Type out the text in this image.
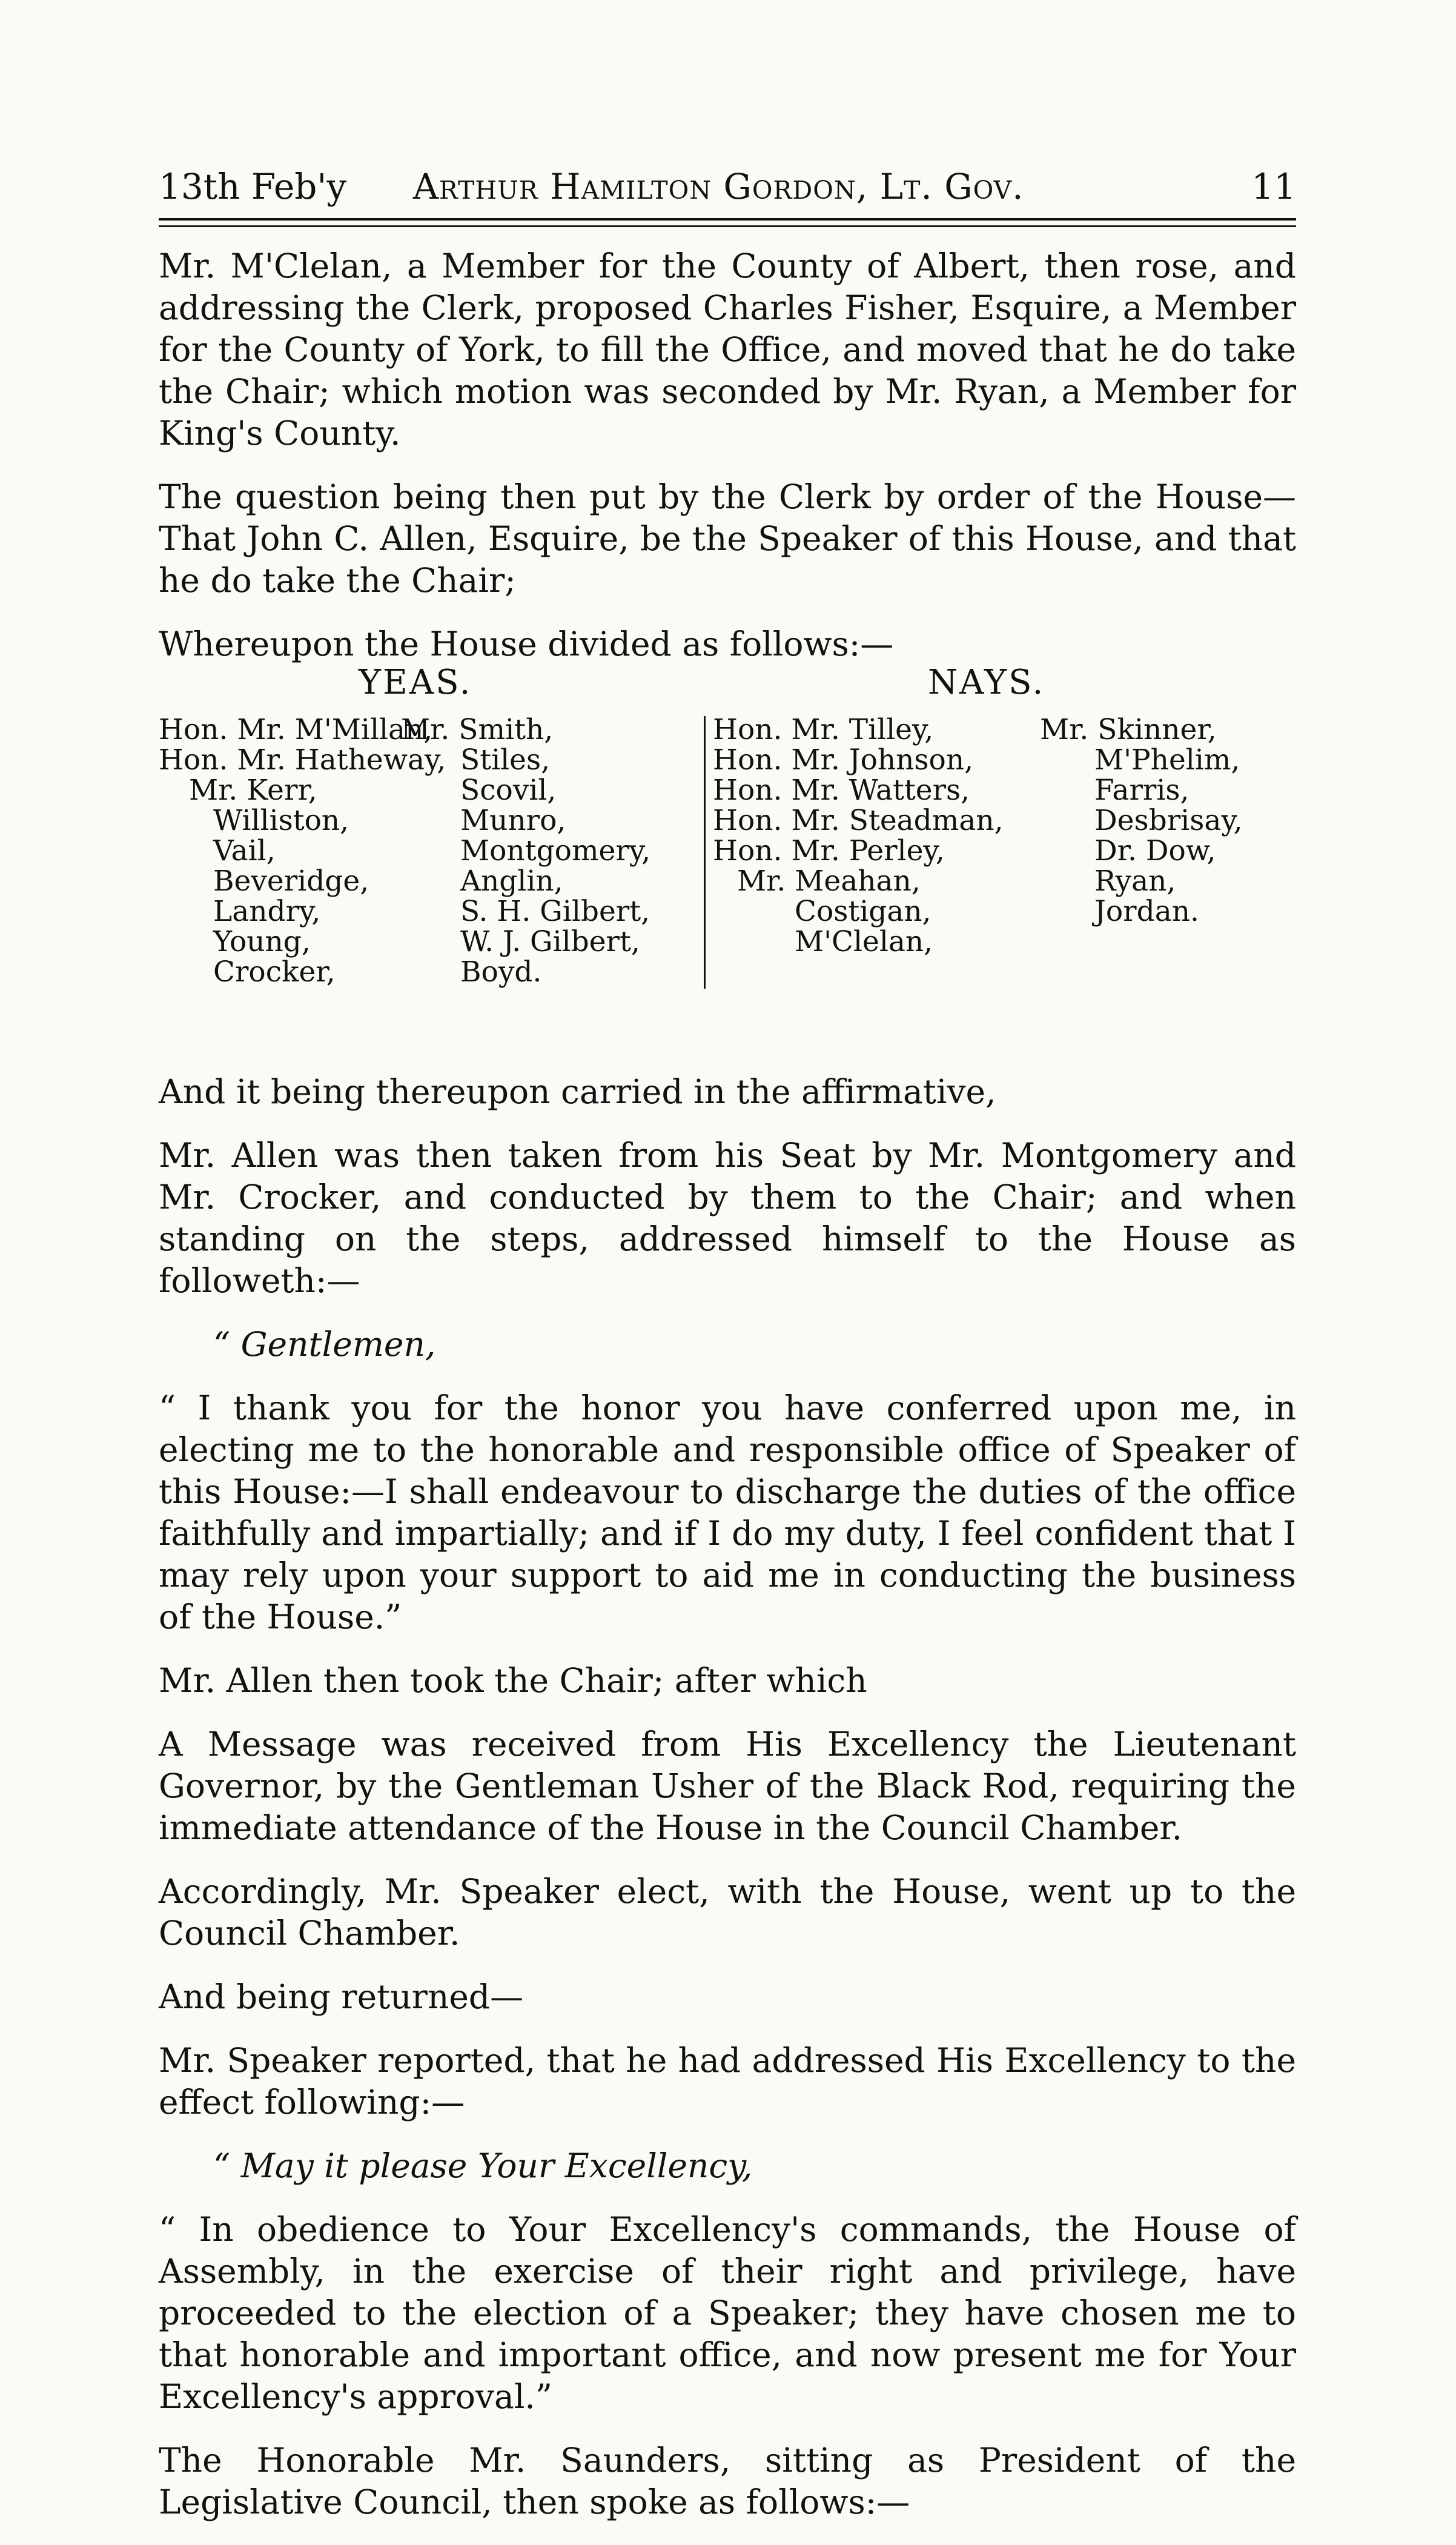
13th Feb'y Arthur Hamilton Gordon, Lt. Gov.	11

Mr. M'Clelan, a Member for the County of Albert, then rose, and addressing the Clerk, proposed Charles Fisher, Esquire, a Member for the County of York, to fill the Office, and moved that he do take the Chair; which motion was seconded by Mr. Ryan, a Member for King's County.

The question being then put by the Clerk by order of the House—That John C. Allen, Esquire, be the Speaker of this House, and that he do take the Chair;

Whereupon the House divided as follows:—

YEAS.	NAYS.
Hon. Mr. M'Millan,
Hon. Mr. Hatheway,
Mr. Kerr,
Williston,
Vail,
Beveridge,
Landry,
Young,
Crocker,
Mr. Smith,
Stiles,
Scovil,
Munro,
Montgomery,
Anglin,
S. H. Gilbert,
W. J. Gilbert,
Boyd.
Hon. Mr. Tilley,
Hon. Mr. Johnson,
Hon. Mr. Watters,
Hon. Mr. Steadman,
Hon. Mr. Perley,
Mr. Meahan,
Costigan,
M'Clelan,
Mr. Skinner,
M'Phelim,
Farris,
Desbrisay,
Dr. Dow,
Ryan,
Jordan.

And it being thereupon carried in the affirmative,

Mr. Allen was then taken from his Seat by Mr. Montgomery and Mr. Crocker, and conducted by them to the Chair; and when standing on the steps, addressed himself to the House as followeth:—

“ Gentlemen,

“ I thank you for the honor you have conferred upon me, in electing me to the honorable and responsible office of Speaker of this House:—I shall endeavour to discharge the duties of the office faithfully and impartially; and if I do my duty, I feel confident that I may rely upon your support to aid me in conducting the business of the House.”

Mr. Allen then took the Chair; after which

A Message was received from His Excellency the Lieutenant Governor, by the Gentleman Usher of the Black Rod, requiring the immediate attendance of the House in the Council Chamber.

Accordingly, Mr. Speaker elect, with the House, went up to the Council Chamber.

And being returned—

Mr. Speaker reported, that he had addressed His Excellency to the effect following:—

“ May it please Your Excellency,

“ In obedience to Your Excellency's commands, the House of Assembly, in the exercise of their right and privilege, have proceeded to the election of a Speaker; they have chosen me to that honorable and important office, and now present me for Your Excellency's approval.”

The Honorable Mr. Saunders, sitting as President of the Legislative Council, then spoke as follows:—
